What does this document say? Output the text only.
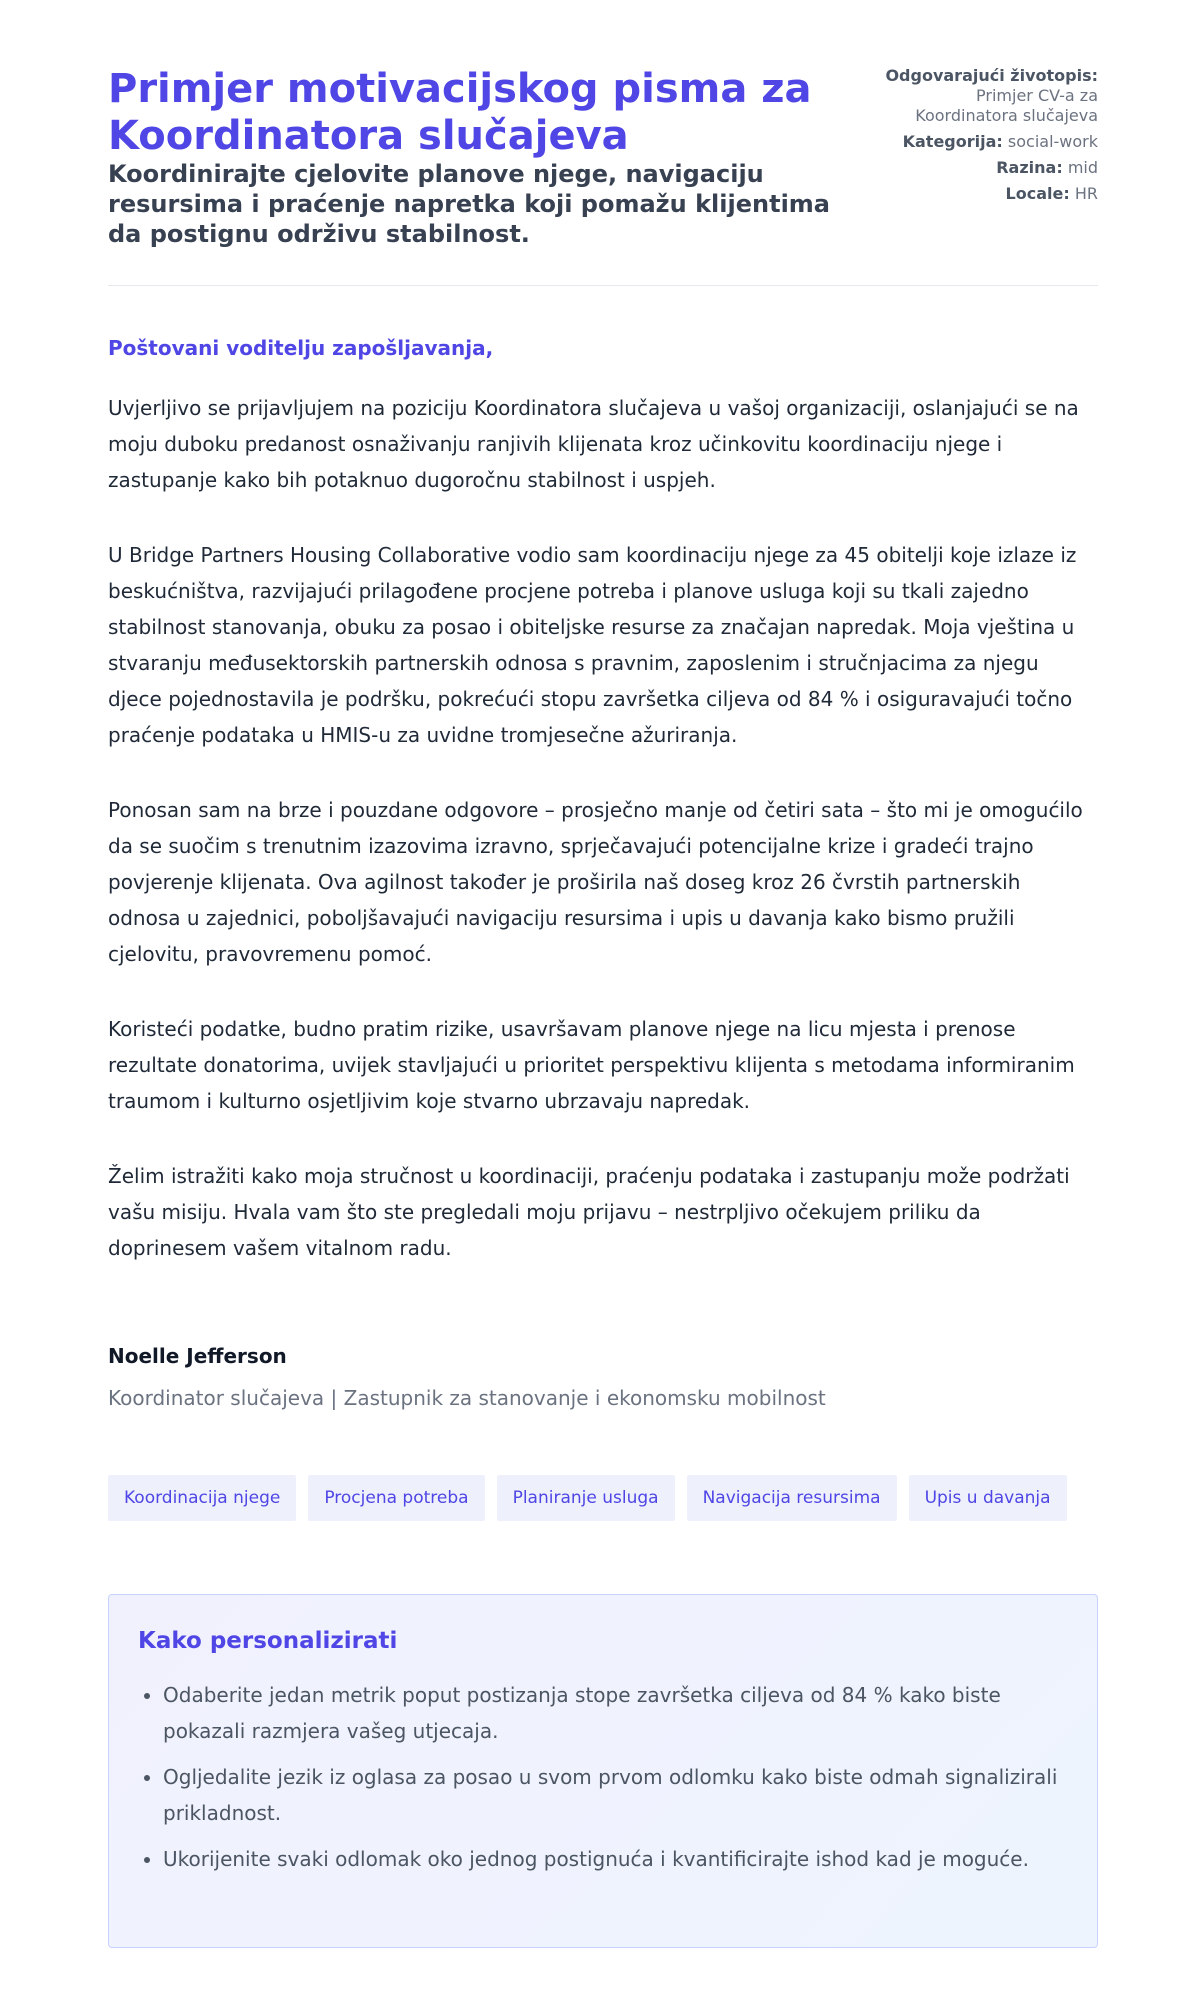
Primjer motivacijskog pisma za Koordinatora slučajeva
Koordinirajte cjelovite planove njege, navigaciju resursima i praćenje napretka koji pomažu klijentima da postignu održivu stabilnost.
Odgovarajući životopis: Primjer CV-a za Koordinatora slučajeva
Kategorija: social-work
Razina: mid
Locale: HR
Poštovani voditelju zapošljavanja,

Uvjerljivo se prijavljujem na poziciju Koordinatora slučajeva u vašoj organizaciji, oslanjajući se na moju duboku predanost osnaživanju ranjivih klijenata kroz učinkovitu koordinaciju njege i zastupanje kako bih potaknuo dugoročnu stabilnost i uspjeh.

U Bridge Partners Housing Collaborative vodio sam koordinaciju njege za 45 obitelji koje izlaze iz beskućništva, razvijajući prilagođene procjene potreba i planove usluga koji su tkali zajedno stabilnost stanovanja, obuku za posao i obiteljske resurse za značajan napredak. Moja vještina u stvaranju međusektorskih partnerskih odnosa s pravnim, zaposlenim i stručnjacima za njegu djece pojednostavila je podršku, pokrećući stopu završetka ciljeva od 84 % i osiguravajući točno praćenje podataka u HMIS-u za uvidne tromjesečne ažuriranja.

Ponosan sam na brze i pouzdane odgovore – prosječno manje od četiri sata – što mi je omogućilo da se suočim s trenutnim izazovima izravno, sprječavajući potencijalne krize i gradeći trajno povjerenje klijenata. Ova agilnost također je proširila naš doseg kroz 26 čvrstih partnerskih odnosa u zajednici, poboljšavajući navigaciju resursima i upis u davanja kako bismo pružili cjelovitu, pravovremenu pomoć.

Koristeći podatke, budno pratim rizike, usavršavam planove njege na licu mjesta i prenose rezultate donatorima, uvijek stavljajući u prioritet perspektivu klijenta s metodama informiranim traumom i kulturno osjetljivim koje stvarno ubrzavaju napredak.

Želim istražiti kako moja stručnost u koordinaciji, praćenju podataka i zastupanju može podržati vašu misiju. Hvala vam što ste pregledali moju prijavu – nestrpljivo očekujem priliku da doprinesem vašem vitalnom radu.

Noelle Jefferson
Koordinator slučajeva | Zastupnik za stanovanje i ekonomsku mobilnost
Koordinacija njege	Procjena potreba	Planiranje usluga	Navigacija resursima	Upis u davanja
Kako personalizirati
• Odaberite jedan metrik poput postizanja stope završetka ciljeva od 84 % kako biste pokazali razmjera vašeg utjecaja.
• Ogljedalite jezik iz oglasa za posao u svom prvom odlomku kako biste odmah signalizirali prikladnost.
• Ukorijenite svaki odlomak oko jednog postignuća i kvantificirajte ishod kad je moguće.
